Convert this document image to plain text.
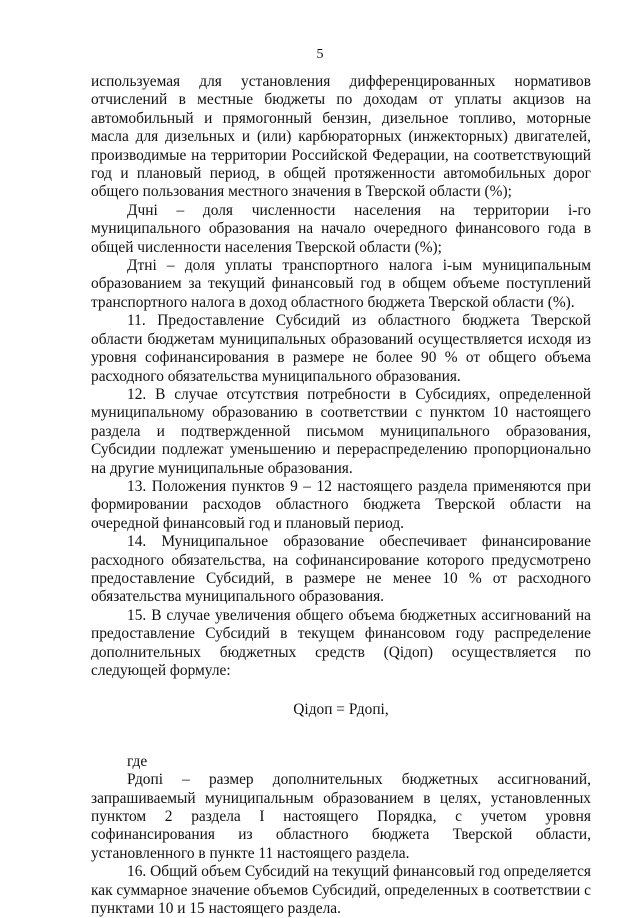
5

используемая для установления дифференцированных нормативов отчислений в местные бюджеты по доходам от уплаты акцизов на автомобильный и прямогонный бензин, дизельное топливо, моторные масла для дизельных и (или) карбюраторных (инжекторных) двигателей, производимые на территории Российской Федерации, на соответствующий год и плановый период, в общей протяженности автомобильных дорог общего пользования местного значения в Тверской области (%);

Дчнi – доля численности населения на территории i-го муниципального образования на начало очередного финансового года в общей численности населения Тверской области (%);

Дтнi – доля уплаты транспортного налога i-ым муниципальным образованием за текущий финансовый год в общем объеме поступлений транспортного налога в доход областного бюджета Тверской области (%).

11. Предоставление Субсидий из областного бюджета Тверской области бюджетам муниципальных образований осуществляется исходя из уровня софинансирования в размере не более 90 % от общего объема расходного обязательства муниципального образования.

12. В случае отсутствия потребности в Субсидиях, определенной муниципальному образованию в соответствии с пунктом 10 настоящего раздела и подтвержденной письмом муниципального образования, Субсидии подлежат уменьшению и перераспределению пропорционально на другие муниципальные образования.

13. Положения пунктов 9 – 12 настоящего раздела применяются при формировании расходов областного бюджета Тверской области на очередной финансовый год и плановый период.

14. Муниципальное образование обеспечивает финансирование расходного обязательства, на софинансирование которого предусмотрено предоставление Субсидий, в размере не менее 10 % от расходного обязательства муниципального образования.

15. В случае увеличения общего объема бюджетных ассигнований на предоставление Субсидий в текущем финансовом году распределение дополнительных бюджетных средств (Qiдоп) осуществляется по следующей формуле:

Qiдоп = Рдопi,

где

Рдопi – размер дополнительных бюджетных ассигнований, запрашиваемый муниципальным образованием в целях, установленных пунктом 2 раздела I настоящего Порядка, с учетом уровня софинансирования из областного бюджета Тверской области, установленного в пункте 11 настоящего раздела.

16. Общий объем Субсидий на текущий финансовый год определяется как суммарное значение объемов Субсидий, определенных в соответствии с пунктами 10 и 15 настоящего раздела.
